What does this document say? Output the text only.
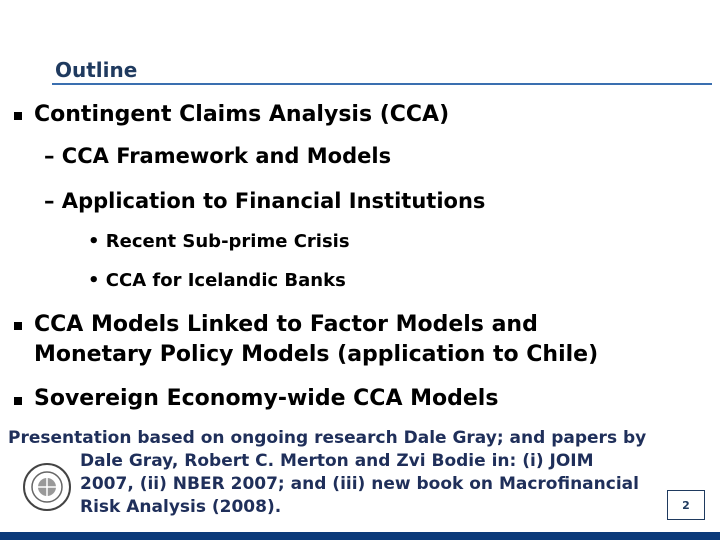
Outline
Contingent Claims Analysis (CCA)
– CCA Framework and Models
– Application to Financial Institutions
• Recent Sub-prime Crisis
• CCA for Icelandic Banks
CCA Models Linked to Factor Models and
Monetary Policy Models (application to Chile)
Sovereign Economy-wide CCA Models
Presentation based on ongoing research Dale Gray; and papers by
Dale Gray, Robert C. Merton and Zvi Bodie in: (i) JOIM
2007, (ii) NBER 2007; and (iii) new book on Macrofinancial
Risk Analysis (2008).	2
